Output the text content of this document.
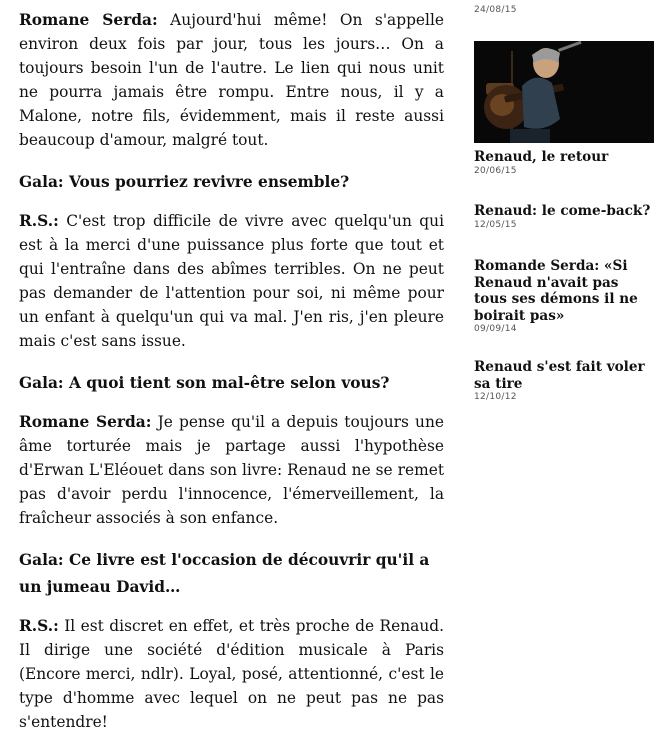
Romane Serda: Aujourd'hui même! On s'appelle environ deux fois par jour, tous les jours… On a toujours besoin l'un de l'autre. Le lien qui nous unit ne pourra jamais être rompu. Entre nous, il y a Malone, notre fils, évidemment, mais il reste aussi beaucoup d'amour, malgré tout.

Gala: Vous pourriez revivre ensemble?

R.S.: C'est trop difficile de vivre avec quelqu'un qui est à la merci d'une puissance plus forte que tout et qui l'entraîne dans des abîmes terribles. On ne peut pas demander de l'attention pour soi, ni même pour un enfant à quelqu'un qui va mal. J'en ris, j'en pleure mais c'est sans issue.

Gala: A quoi tient son mal-être selon vous?

Romane Serda: Je pense qu'il a depuis toujours une âme torturée mais je partage aussi l'hypothèse d'Erwan L'Eléouet dans son livre: Renaud ne se remet pas d'avoir perdu l'innocence, l'émerveillement, la fraîcheur associés à son enfance.

Gala: Ce livre est l'occasion de découvrir qu'il a un jumeau David…

R.S.: Il est discret en effet, et très proche de Renaud. Il dirige une société d'édition musicale à Paris (Encore merci, ndlr). Loyal, posé, attentionné, c'est le type d'homme avec lequel on ne peut pas ne pas s'entendre!

24/08/15
Renaud, le retour
20/06/15
Renaud: le come-back?
12/05/15
Romande Serda: «Si Renaud n'avait pas tous ses démons il ne boirait pas»
09/09/14
Renaud s'est fait voler sa tire
12/10/12
